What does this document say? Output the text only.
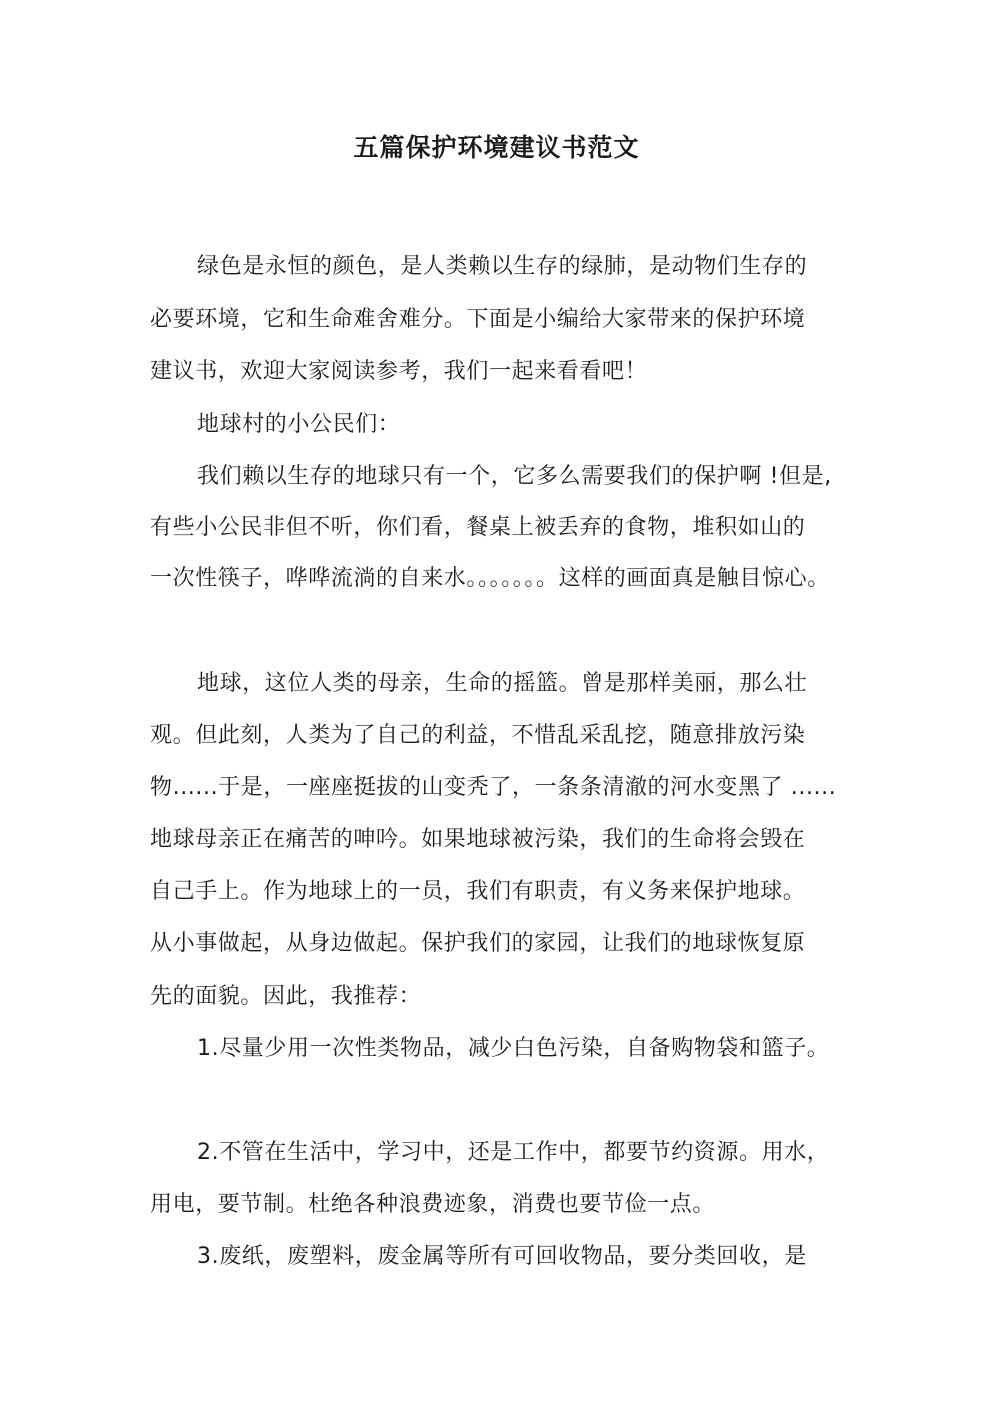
五篇保护环境建议书范文
绿色是永恒的颜色，是人类赖以生存的绿肺，是动物们生存的
必要环境，它和生命难舍难分。下面是小编给大家带来的保护环境
建议书，欢迎大家阅读参考，我们一起来看看吧！
地球村的小公民们：
我们赖以生存的地球只有一个，它多么需要我们的保护啊 !但是,
有些小公民非但不听，你们看，餐桌上被丢弃的食物，堆积如山的
一次性筷子，哗哗流淌的自来水。。。。。。。这样的画面真是触目惊心。
地球，这位人类的母亲，生命的摇篮。曾是那样美丽，那么壮
观。但此刻，人类为了自己的利益，不惜乱采乱挖，随意排放污染
物......于是，一座座挺拔的山变秃了，一条条清澈的河水变黑了 ......
地球母亲正在痛苦的呻吟。如果地球被污染，我们的生命将会毁在
自己手上。作为地球上的一员，我们有职责，有义务来保护地球。
从小事做起，从身边做起。保护我们的家园，让我们的地球恢复原
先的面貌。因此，我推荐：
1.尽量少用一次性类物品，减少白色污染，自备购物袋和篮子。
2.不管在生活中，学习中，还是工作中，都要节约资源。用水，
用电，要节制。杜绝各种浪费迹象，消费也要节俭一点。
3.废纸，废塑料，废金属等所有可回收物品，要分类回收，是
